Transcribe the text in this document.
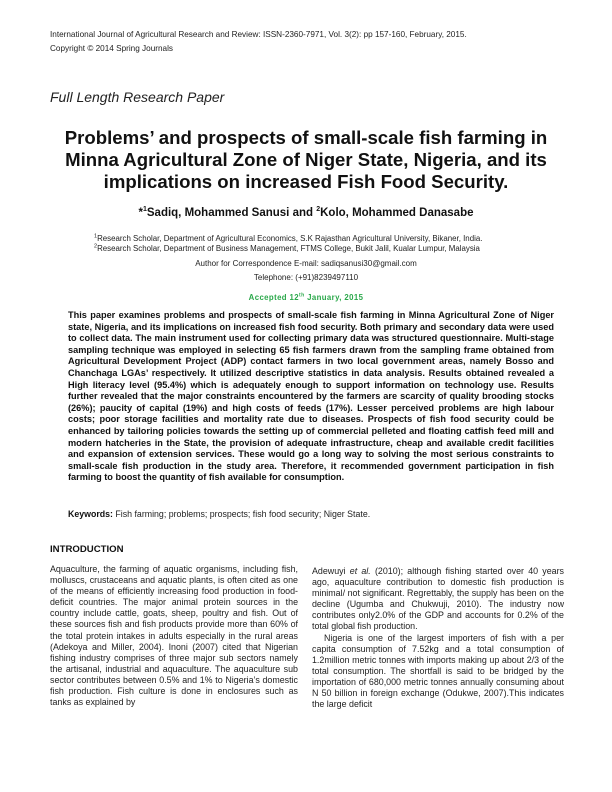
International Journal of Agricultural Research and Review: ISSN-2360-7971, Vol. 3(2): pp 157-160, February, 2015.
Copyright © 2014 Spring Journals
Full Length Research Paper
Problems’ and prospects of small-scale fish farming in Minna Agricultural Zone of Niger State, Nigeria, and its implications on increased Fish Food Security.
*$^1$Sadiq, Mohammed Sanusi and $^2$Kolo, Mohammed Danasabe
$^1$Research Scholar, Department of Agricultural Economics, S.K Rajasthan Agricultural University, Bikaner, India.
$^2$Research Scholar, Department of Business Management, FTMS College, Bukit Jalil, Kualar Lumpur, Malaysia
Author for Correspondence E-mail: sadiqsanusi30@gmail.com
Telephone: (+91)8239497110
Accepted 12th January, 2015
This paper examines problems and prospects of small-scale fish farming in Minna Agricultural Zone of Niger state, Nigeria, and its implications on increased fish food security. Both primary and secondary data were used to collect data. The main instrument used for collecting primary data was structured questionnaire. Multi-stage sampling technique was employed in selecting 65 fish farmers drawn from the sampling frame obtained from Agricultural Development Project (ADP) contact farmers in two local government areas, namely Bosso and Chanchaga LGAs’ respectively. It utilized descriptive statistics in data analysis. Results obtained revealed a High literacy level (95.4%) which is adequately enough to support information on technology use. Results further revealed that the major constraints encountered by the farmers are scarcity of quality brooding stocks (26%); paucity of capital (19%) and high costs of feeds (17%). Lesser perceived problems are high labour costs; poor storage facilities and mortality rate due to diseases. Prospects of fish food security could be enhanced by tailoring policies towards the setting up of commercial pelleted and floating catfish feed mill and modern hatcheries in the State, the provision of adequate infrastructure, cheap and available credit facilities and expansion of extension services. These would go a long way to solving the most serious constraints to small-scale fish production in the study area. Therefore, it recommended government participation in fish farming to boost the quantity of fish available for consumption.
Keywords: Fish farming; problems; prospects; fish food security; Niger State.
INTRODUCTION

Aquaculture, the farming of aquatic organisms, including fish, molluscs, crustaceans and aquatic plants, is often cited as one of the means of efficiently increasing food production in food-deficit countries. The major animal protein sources in the country include cattle, goats, sheep, poultry and fish. Out of these sources fish and fish products provide more than 60% of the total protein intakes in adults especially in the rural areas (Adekoya and Miller, 2004). Inoni (2007) cited that Nigerian fishing industry comprises of three major sub sectors namely the artisanal, industrial and aquaculture. The aquaculture sub sector contributes between 0.5% and 1% to Nigeria’s domestic fish production. Fish culture is done in enclosures such as tanks as explained by

Adewuyi et al. (2010); although fishing started over 40 years ago, aquaculture contribution to domestic fish production is minimal/ not significant. Regrettably, the supply has been on the decline (Ugumba and Chukwuji, 2010). The industry now contributes only2.0% of the GDP and accounts for 0.2% of the total global fish production.

Nigeria is one of the largest importers of fish with a per capita consumption of 7.52kg and a total consumption of 1.2million metric tonnes with imports making up about 2/3 of the total consumption. The shortfall is said to be bridged by the importation of 680,000 metric tonnes annually consuming about N 50 billion in foreign exchange (Odukwe, 2007).This indicates the large deficit
